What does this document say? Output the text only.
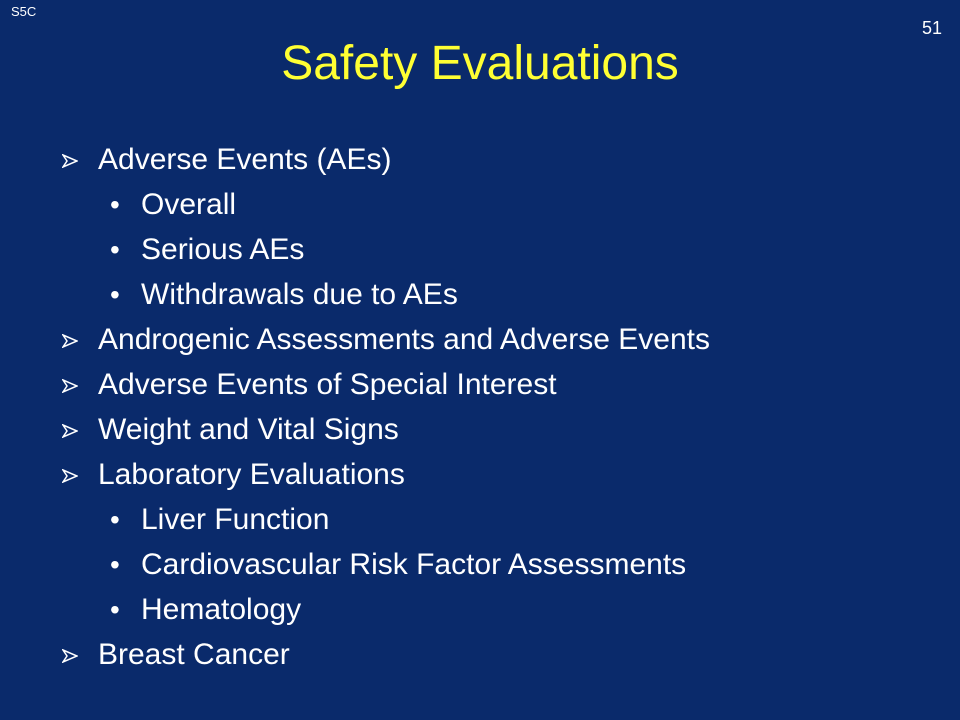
S5C
51
Safety Evaluations
Adverse Events (AEs)
• Overall
• Serious AEs
• Withdrawals due to AEs
Androgenic Assessments and Adverse Events
Adverse Events of Special Interest
Weight and Vital Signs
Laboratory Evaluations
• Liver Function
• Cardiovascular Risk Factor Assessments
• Hematology
Breast Cancer
